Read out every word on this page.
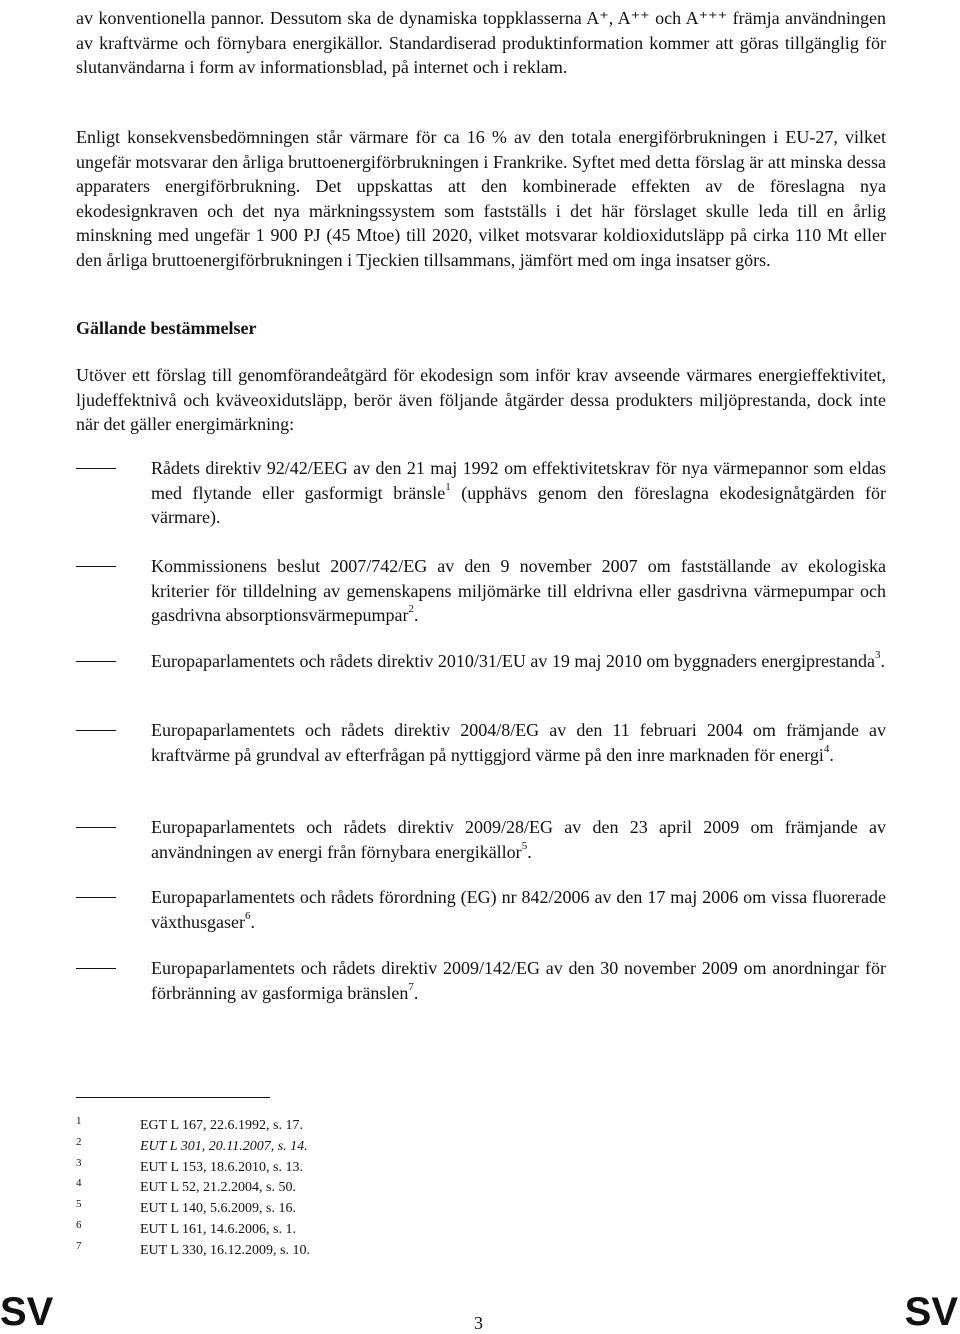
av konventionella pannor. Dessutom ska de dynamiska toppklasserna A⁺, A⁺⁺ och A⁺⁺⁺ främja användningen av kraftvärme och förnybara energikällor. Standardiserad produktinformation kommer att göras tillgänglig för slutanvändarna i form av informationsblad, på internet och i reklam.

Enligt konsekvensbedömningen står värmare för ca 16 % av den totala energiförbrukningen i EU-27, vilket ungefär motsvarar den årliga bruttoenergiförbrukningen i Frankrike. Syftet med detta förslag är att minska dessa apparaters energiförbrukning. Det uppskattas att den kombinerade effekten av de föreslagna nya ekodesignkraven och det nya märkningssystem som fastställs i det här förslaget skulle leda till en årlig minskning med ungefär 1 900 PJ (45 Mtoe) till 2020, vilket motsvarar koldioxidutsläpp på cirka 110 Mt eller den årliga bruttoenergiförbrukningen i Tjeckien tillsammans, jämfört med om inga insatser görs.

Gällande bestämmelser

Utöver ett förslag till genomförandeåtgärd för ekodesign som inför krav avseende värmares energieffektivitet, ljudeffektnivå och kväveoxidutsläpp, berör även följande åtgärder dessa produkters miljöprestanda, dock inte när det gäller energimärkning:

Rådets direktiv 92/42/EEG av den 21 maj 1992 om effektivitetskrav för nya värmepannor som eldas med flytande eller gasformigt bränsle$^1$ (upphävs genom den föreslagna ekodesignåtgärden för värmare).
Kommissionens beslut 2007/742/EG av den 9 november 2007 om fastställande av ekologiska kriterier för tilldelning av gemenskapens miljömärke till eldrivna eller gasdrivna värmepumpar och gasdrivna absorptionsvärmepumpar$^2$.
Europaparlamentets och rådets direktiv 2010/31/EU av 19 maj 2010 om byggnaders energiprestanda$^3$.
Europaparlamentets och rådets direktiv 2004/8/EG av den 11 februari 2004 om främjande av kraftvärme på grundval av efterfrågan på nyttiggjord värme på den inre marknaden för energi$^4$.
Europaparlamentets och rådets direktiv 2009/28/EG av den 23 april 2009 om främjande av användningen av energi från förnybara energikällor$^5$.
Europaparlamentets och rådets förordning (EG) nr 842/2006 av den 17 maj 2006 om vissa fluorerade växthusgaser$^6$.
Europaparlamentets och rådets direktiv 2009/142/EG av den 30 november 2009 om anordningar för förbränning av gasformiga bränslen$^7$.
1	EGT L 167, 22.6.1992, s. 17.
2	EUT L 301, 20.11.2007, s. 14.
3	EUT L 153, 18.6.2010, s. 13.
4	EUT L 52, 21.2.2004, s. 50.
5	EUT L 140, 5.6.2009, s. 16.
6	EUT L 161, 14.6.2006, s. 1.
7	EUT L 330, 16.12.2009, s. 10.
SV	3	SV
